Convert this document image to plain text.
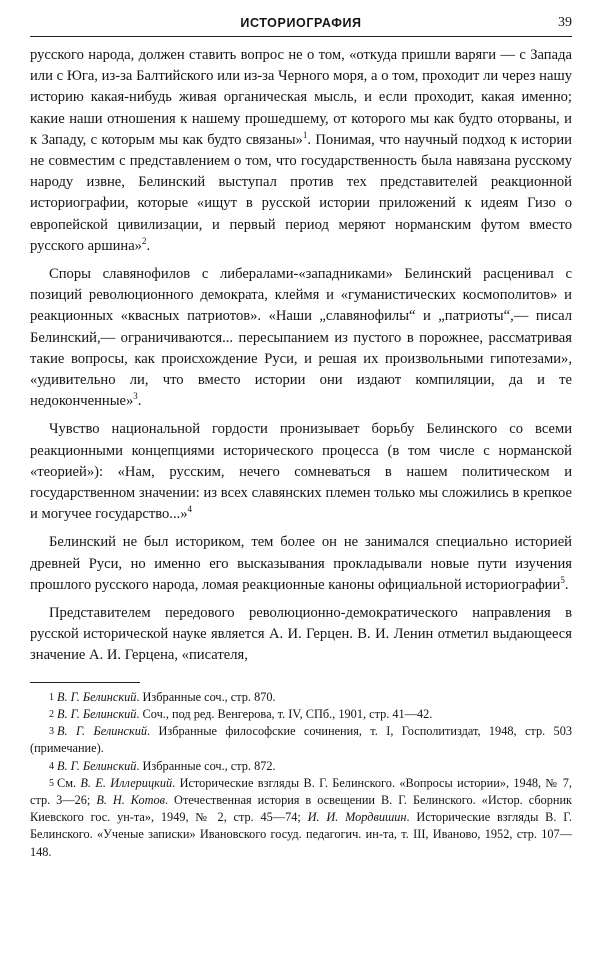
ИСТОРИОГРАФИЯ	39

русского народа, должен ставить вопрос не о том, «откуда пришли варяги — с Запада или с Юга, из-за Балтийского или из-за Черного моря, а о том, проходит ли через нашу историю какая-нибудь живая органическая мысль, и если проходит, какая именно; какие наши отношения к нашему прошедшему, от которого мы как будто оторваны, и к Западу, с которым мы как будто связаны»$^1$. Понимая, что научный подход к истории не совместим с представлением о том, что государственность была навязана русскому народу извне, Белинский выступал против тех представителей реакционной историографии, которые «ищут в русской истории приложений к идеям Гизо о европейской цивилизации, и первый период меряют норманским футом вместо русского аршина»$^2$.

Споры славянофилов с либералами-«западниками» Белинский расценивал с позиций революционного демократа, клеймя и «гуманистических космополитов» и реакционных «квасных патриотов». «Наши „славянофилы“ и „патриоты“,— писал Белинский,— ограничиваются... пересыпанием из пустого в порожнее, рассматривая такие вопросы, как происхождение Руси, и решая их произвольными гипотезами», «удивительно ли, что вместо истории они издают компиляции, да и те недоконченные»$^3$.

Чувство национальной гордости пронизывает борьбу Белинского со всеми реакционными концепциями исторического процесса (в том числе с норманской «теорией»): «Нам, русским, нечего сомневаться в нашем политическом и государственном значении: из всех славянских племен только мы сложились в крепкое и могучее государство...»$^4$

Белинский не был историком, тем более он не занимался специально историей древней Руси, но именно его высказывания прокладывали новые пути изучения прошлого русского народа, ломая реакционные каноны официальной историографии$^5$.

Представителем передового революционно-демократического направления в русской исторической науке является А. И. Герцен. В. И. Ленин отметил выдающееся значение А. И. Герцена, «писателя,

$^1$ В. Г. Белинский. Избранные соч., стр. 870.

$^2$ В. Г. Белинский. Соч., под ред. Венгерова, т. IV, СПб., 1901, стр. 41—42.

$^3$ В. Г. Белинский. Избранные философские сочинения, т. I, Госполитиздат, 1948, стр. 503 (примечание).

$^4$ В. Г. Белинский. Избранные соч., стр. 872.

$^5$ См. В. Е. Иллерицкий. Исторические взгляды В. Г. Белинского. «Вопросы истории», 1948, № 7, стр. 3—26; В. Н. Котов. Отечественная история в освещении В. Г. Белинского. «Истор. сборник Киевского гос. ун-та», 1949, № 2, стр. 45—74; И. И. Мордвишин. Исторические взгляды В. Г. Белинского. «Ученые записки» Ивановского госуд. педагогич. ин-та, т. III, Иваново, 1952, стр. 107—148.
